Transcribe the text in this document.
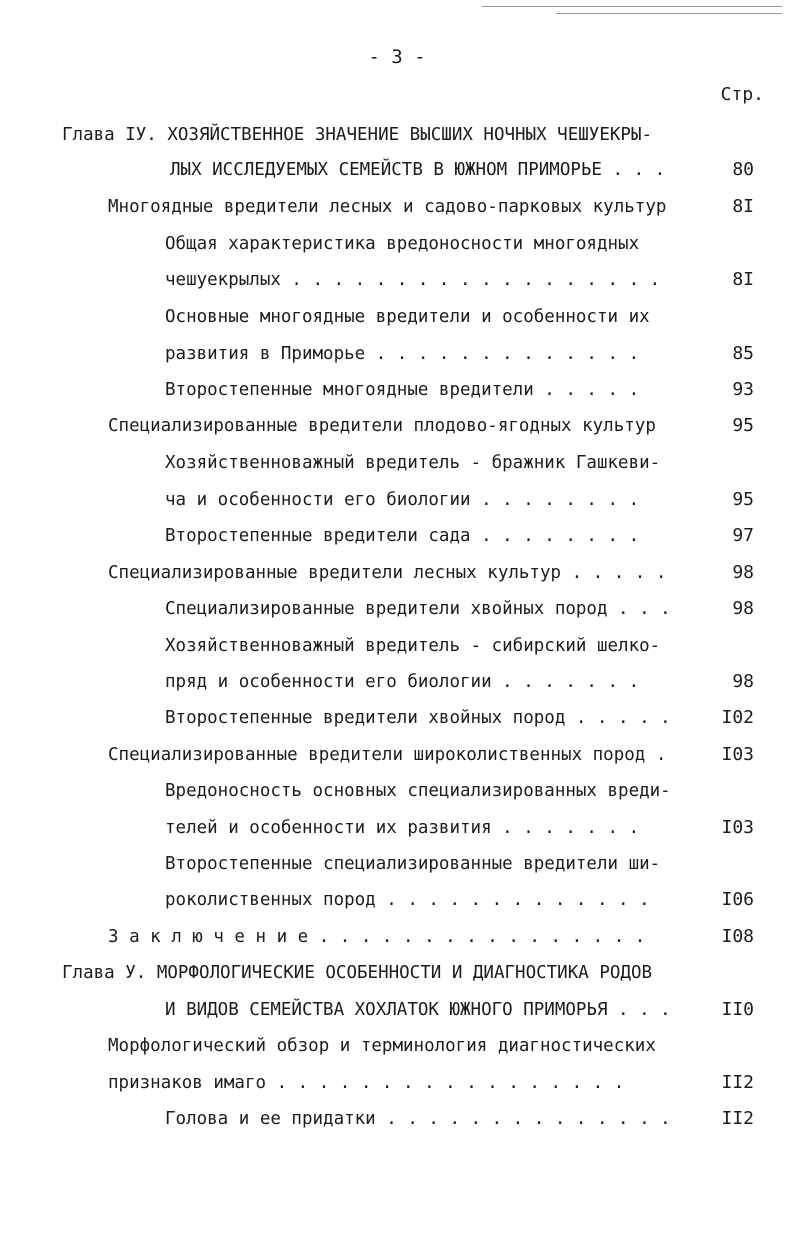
- 3 -
Стр.
Глава IУ. ХОЗЯЙСТВЕННОЕ ЗНАЧЕНИЕ ВЫСШИХ НОЧНЫХ ЧЕШУЕКРЫ-
ЛЫХ ИССЛЕДУЕМЫХ СЕМЕЙСТВ В ЮЖНОМ ПРИМОРЬЕ . . .	80
Многоядные вредители лесных и садово-парковых культур	8I
Общая характеристика вредоносности многоядных
чешуекрылых . . . . . . . . . . . . . . . . . .	8I
Основные многоядные вредители и особенности их
развития в Приморье . . . . . . . . . . . . .	85
Второстепенные многоядные вредители . . . . .	93
Специализированные вредители плодово-ягодных культур	95
Хозяйственноважный вредитель - бражник Гашкеви-
ча и особенности его биологии . . . . . . . .	95
Второстепенные вредители сада . . . . . . . .	97
Специализированные вредители лесных культур . . . . .	98
Специализированные вредители хвойных пород . . .	98
Хозяйственноважный вредитель - сибирский шелко-
пряд и особенности его биологии . . . . . . .	98
Второстепенные вредители хвойных пород . . . . .	I02
Специализированные вредители широколиственных пород .	I03
Вредоносность основных специализированных вреди-
телей и особенности их развития . . . . . . .	I03
Второстепенные специализированные вредители ши-
роколиственных пород . . . . . . . . . . . . .	I06
З а к л ю ч е н и е . . . . . . . . . . . . . . . .	I08
Глава У. МОРФОЛОГИЧЕСКИЕ ОСОБЕННОСТИ И ДИАГНОСТИКА РОДОВ
И ВИДОВ СЕМЕЙСТВА ХОХЛАТОК ЮЖНОГО ПРИМОРЬЯ . . .	II0
Морфологический обзор и терминология диагностических
признаков имаго . . . . . . . . . . . . . . . . .	II2
Голова и ее придатки . . . . . . . . . . . . . .	II2
